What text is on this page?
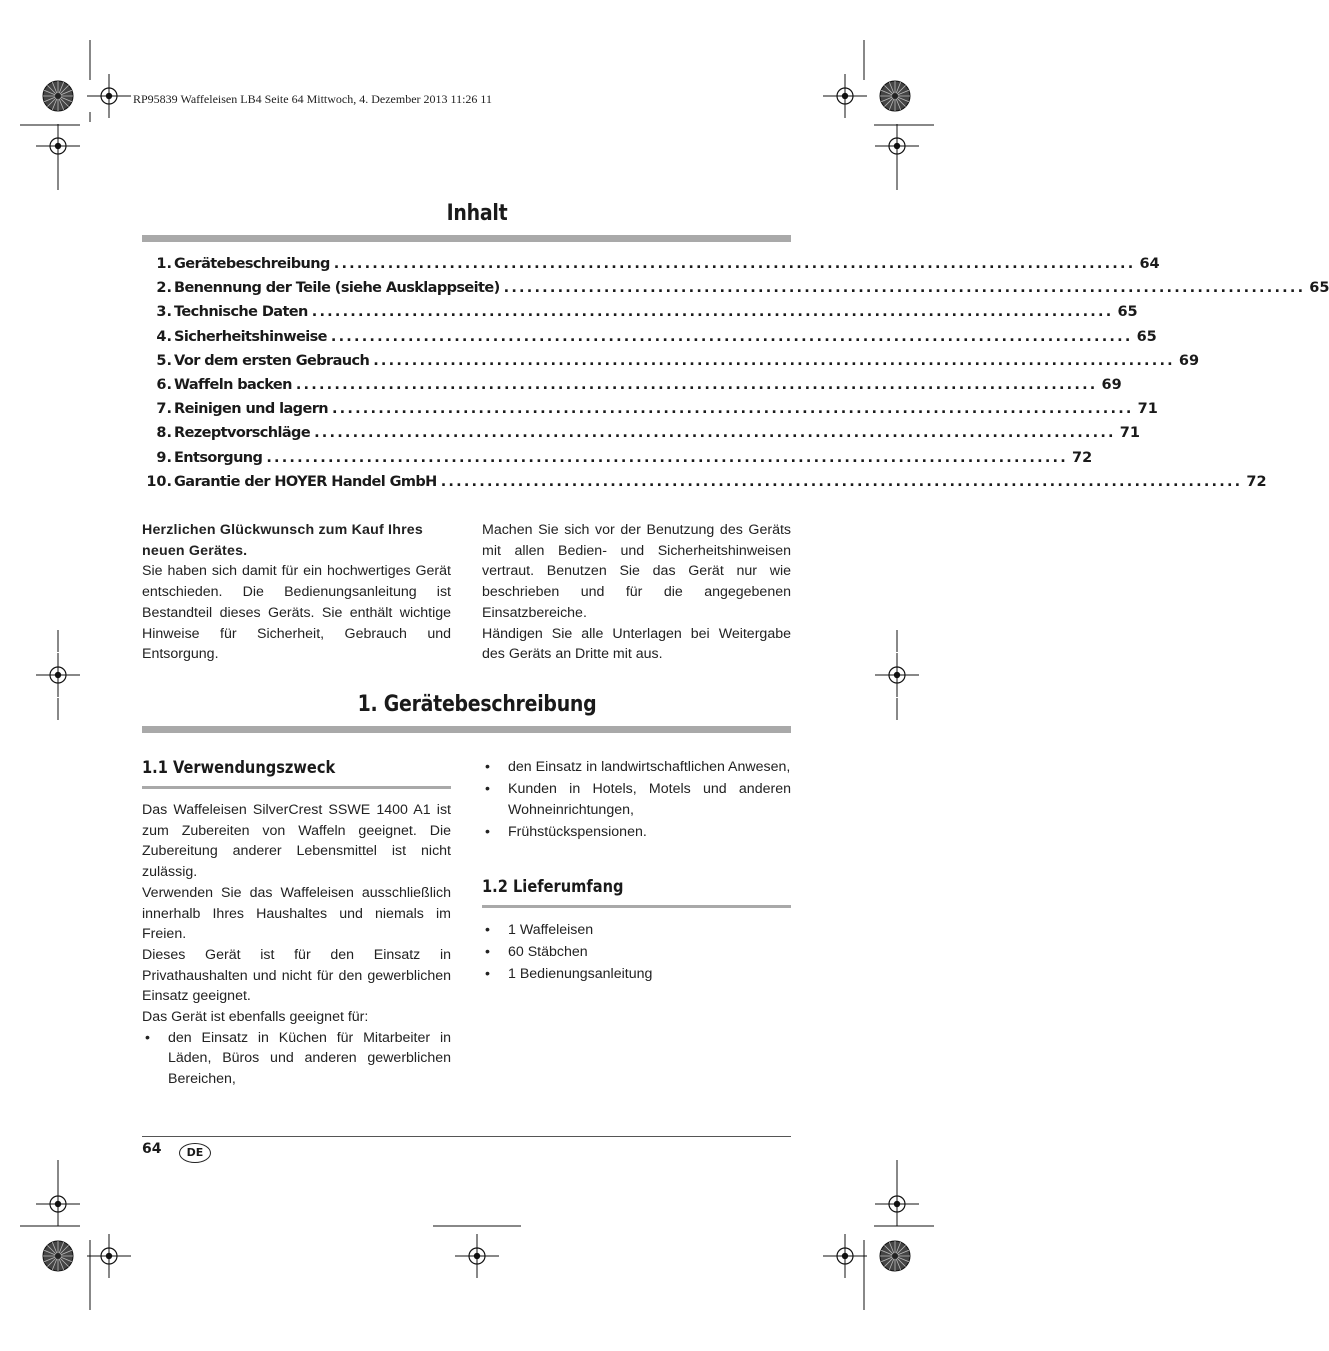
RP95839 Waffeleisen LB4 Seite 64 Mittwoch, 4. Dezember 2013 11:26 11
Inhalt
1. Gerätebeschreibung ........................................................................................................ 64
2. Benennung der Teile (siehe Ausklappseite) ........................................................................................................ 65
3. Technische Daten ........................................................................................................ 65
4. Sicherheitshinweise ........................................................................................................ 65
5. Vor dem ersten Gebrauch ........................................................................................................ 69
6. Waffeln backen ........................................................................................................ 69
7. Reinigen und lagern ........................................................................................................ 71
8. Rezeptvorschläge ........................................................................................................ 71
9. Entsorgung ........................................................................................................ 72
10. Garantie der HOYER Handel GmbH ........................................................................................................ 72

Herzlichen Glückwunsch zum Kauf Ihres neuen Gerätes.

Sie haben sich damit für ein hochwertiges Gerät entschieden. Die Bedienungsanleitung ist Bestandteil dieses Geräts. Sie enthält wichtige Hinweise für Sicherheit, Gebrauch und Entsorgung.

Machen Sie sich vor der Benutzung des Geräts mit allen Bedien- und Sicherheitshinweisen vertraut. Benutzen Sie das Gerät nur wie beschrieben und für die angegebenen Einsatzbereiche.

Händigen Sie alle Unterlagen bei Weitergabe des Geräts an Dritte mit aus.

1. Gerätebeschreibung
1.1 Verwendungszweck

Das Waffeleisen SilverCrest SSWE 1400 A1 ist zum Zubereiten von Waffeln geeignet. Die Zubereitung anderer Lebensmittel ist nicht zulässig.

Verwenden Sie das Waffeleisen ausschließlich innerhalb Ihres Haushaltes und niemals im Freien.

Dieses Gerät ist für den Einsatz in Privathaushalten und nicht für den gewerblichen Einsatz geeignet.

Das Gerät ist ebenfalls geeignet für:

• den Einsatz in Küchen für Mitarbeiter in Läden, Büros und anderen gewerblichen Bereichen,
• den Einsatz in landwirtschaftlichen Anwesen,
• Kunden in Hotels, Motels und anderen Wohneinrichtungen,
• Frühstückspensionen.
1.2 Lieferumfang
• 1 Waffeleisen
• 60 Stäbchen
• 1 Bedienungsanleitung
64	DE
